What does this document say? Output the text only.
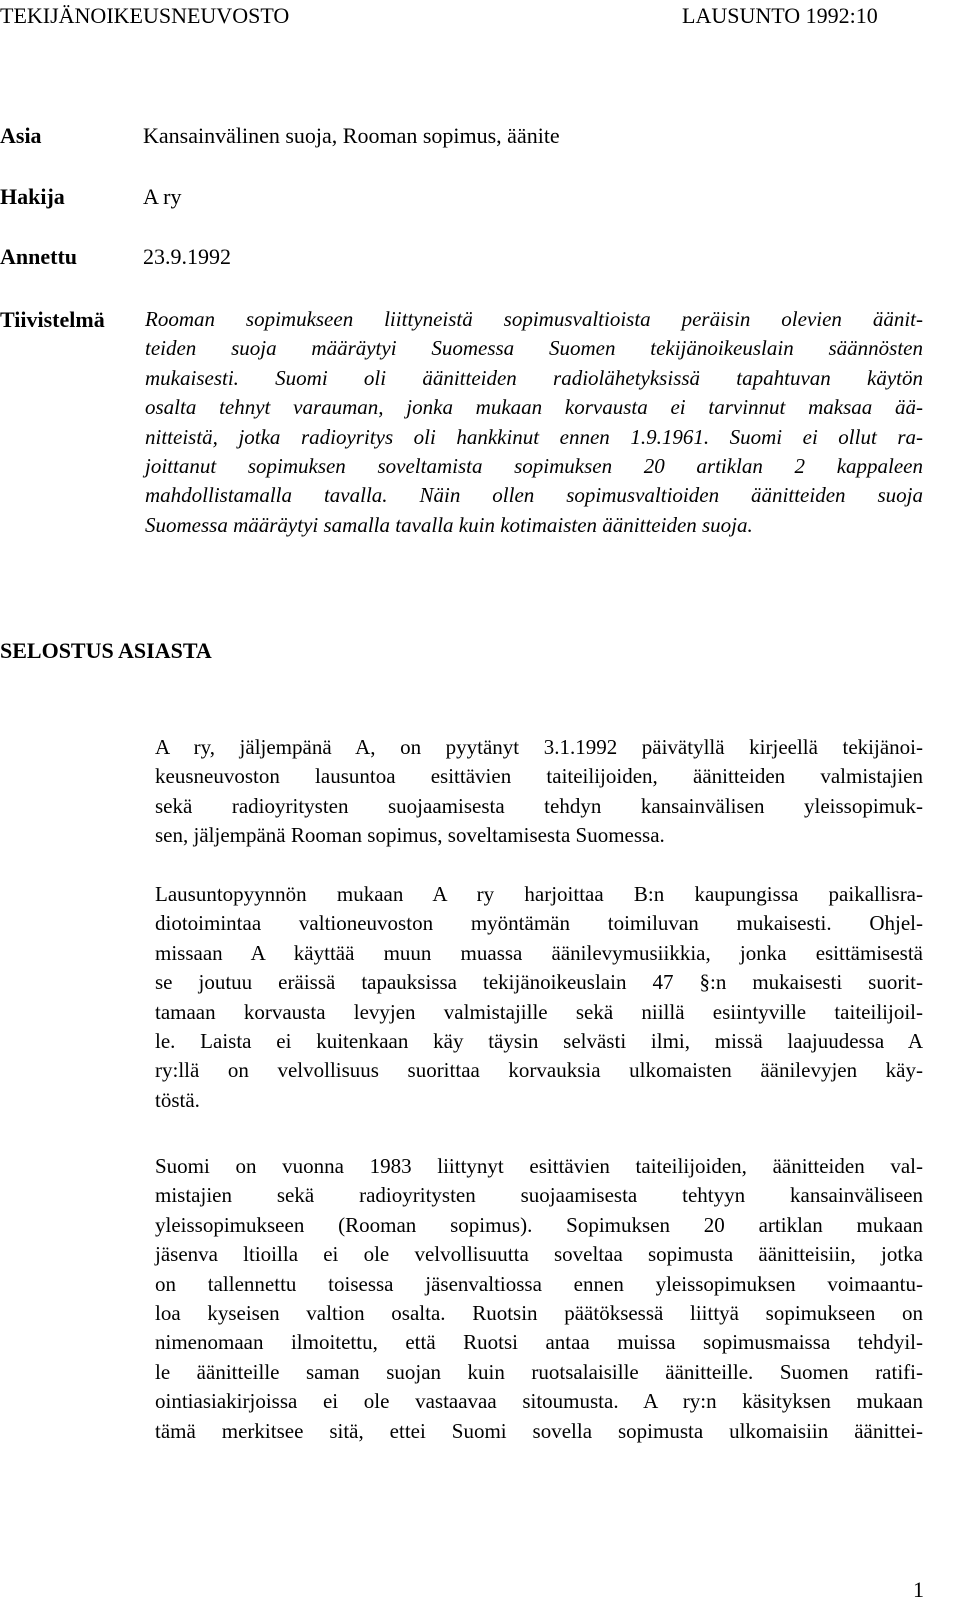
TEKIJÄNOIKEUSNEUVOSTO	LAUSUNTO 1992:10
Asia	Kansainvälinen suoja, Rooman sopimus, äänite
Hakija	A ry
Annettu	23.9.1992
Tiivistelmä Rooman sopimukseen liittyneistä sopimusvaltioista peräisin olevien äänit-
teiden suoja määräytyi Suomessa Suomen tekijänoikeuslain säännösten
mukaisesti. Suomi oli äänitteiden radiolähetyksissä tapahtuvan käytön
osalta tehnyt varauman, jonka mukaan korvausta ei tarvinnut maksaa ää-
nitteistä, jotka radioyritys oli hankkinut ennen 1.9.1961. Suomi ei ollut ra-
joittanut sopimuksen soveltamista sopimuksen 20 artiklan 2 kappaleen
mahdollistamalla tavalla. Näin ollen sopimusvaltioiden äänitteiden suoja
Suomessa määräytyi samalla tavalla kuin kotimaisten äänitteiden suoja.
SELOSTUS ASIASTA
A ry, jäljempänä A, on pyytänyt 3.1.1992 päivätyllä kirjeellä tekijänoi-
keusneuvoston lausuntoa esittävien taiteilijoiden, äänitteiden valmistajien
sekä radioyritysten suojaamisesta tehdyn kansainvälisen yleissopimuk-
sen, jäljempänä Rooman sopimus, soveltamisesta Suomessa.
Lausuntopyynnön mukaan A ry harjoittaa B:n kaupungissa paikallisra-
diotoimintaa valtioneuvoston myöntämän toimiluvan mukaisesti. Ohjel-
missaan A käyttää muun muassa äänilevymusiikkia, jonka esittämisestä
se joutuu eräissä tapauksissa tekijänoikeuslain 47 §:n mukaisesti suorit-
tamaan korvausta levyjen valmistajille sekä niillä esiintyville taiteilijoil-
le. Laista ei kuitenkaan käy täysin selvästi ilmi, missä laajuudessa A
ry:llä on velvollisuus suorittaa korvauksia ulkomaisten äänilevyjen käy-
töstä.
Suomi on vuonna 1983 liittynyt esittävien taiteilijoiden, äänitteiden val-
mistajien sekä radioyritysten suojaamisesta tehtyyn kansainväliseen
yleissopimukseen (Rooman sopimus). Sopimuksen 20 artiklan mukaan
jäsenva ltioilla ei ole velvollisuutta soveltaa sopimusta äänitteisiin, jotka
on tallennettu toisessa jäsenvaltiossa ennen yleissopimuksen voimaantu-
loa kyseisen valtion osalta. Ruotsin päätöksessä liittyä sopimukseen on
nimenomaan ilmoitettu, että Ruotsi antaa muissa sopimusmaissa tehdyil-
le äänitteille saman suojan kuin ruotsalaisille äänitteille. Suomen ratifi-
ointiasiakirjoissa ei ole vastaavaa sitoumusta. A ry:n käsityksen mukaan
tämä merkitsee sitä, ettei Suomi sovella sopimusta ulkomaisiin äänittei-
1
